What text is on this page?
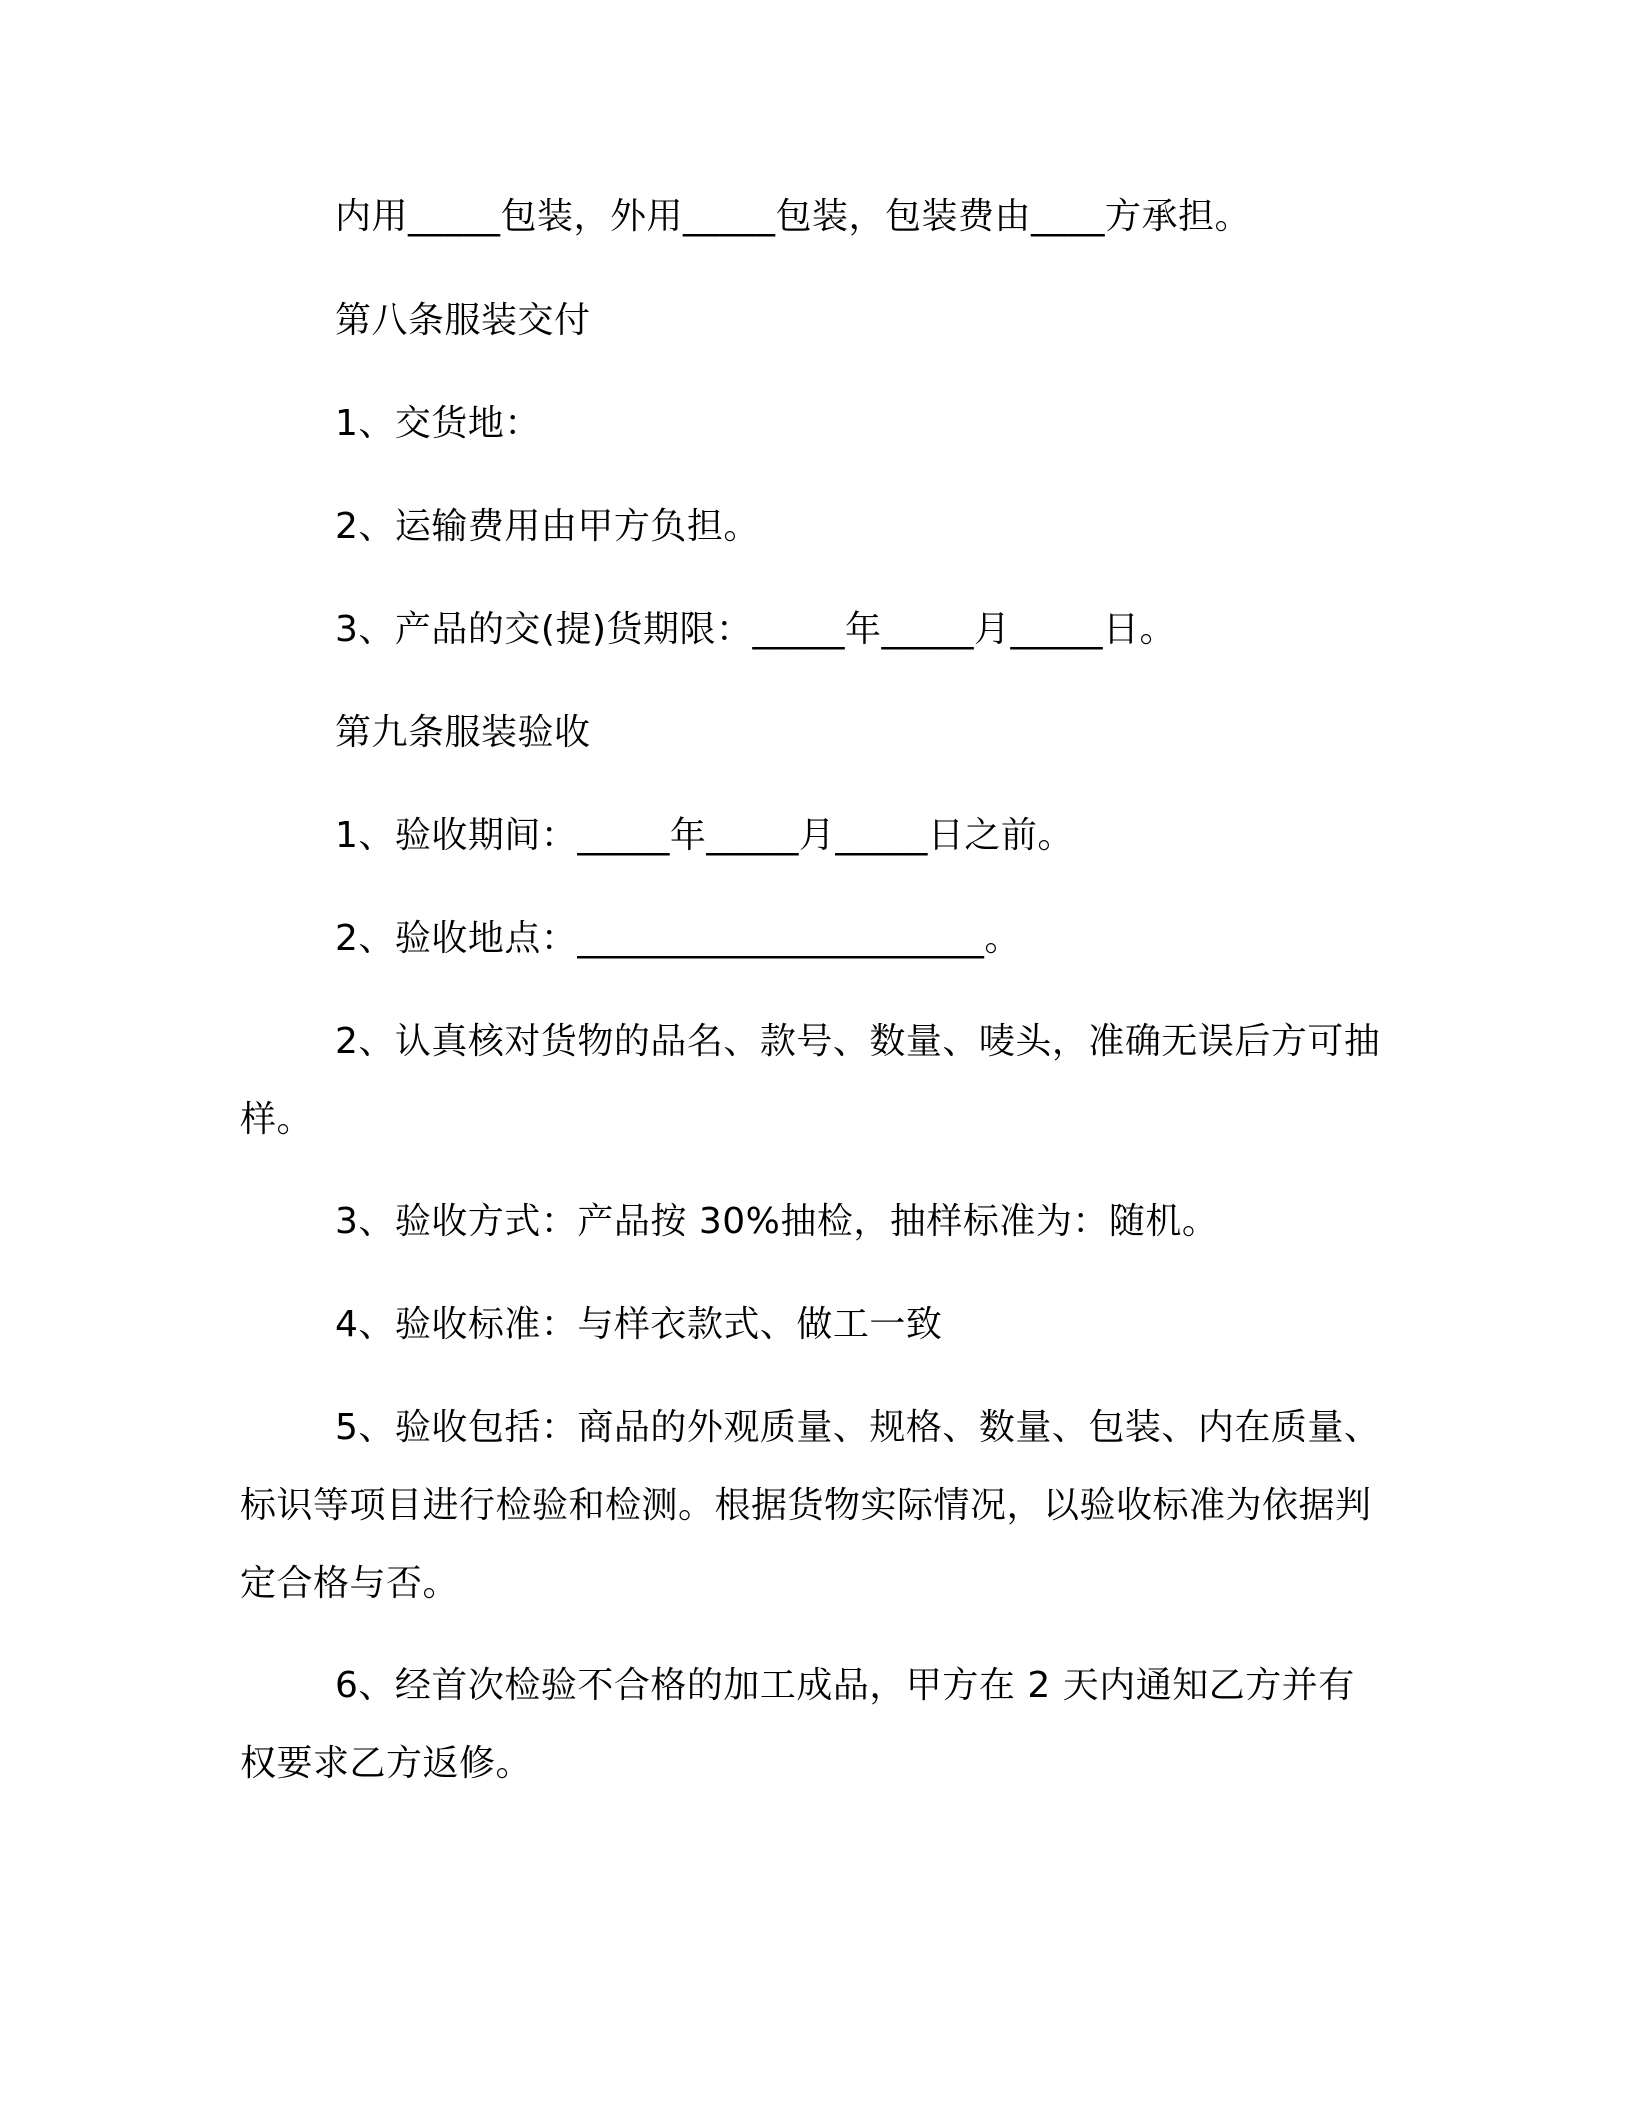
内用_____包装，外用_____包装，包装费由____方承担。

第八条服装交付

1、交货地：

2、运输费用由甲方负担。

3、产品的交(提)货期限：_____年_____月_____日。

第九条服装验收

1、验收期间：_____年_____月_____日之前。

2、验收地点：______________________。

2、认真核对货物的品名、款号、数量、唛头，准确无误后方可抽样。

3、验收方式：产品按 30%抽检，抽样标准为：随机。

4、验收标准：与样衣款式、做工一致

5、验收包括：商品的外观质量、规格、数量、包装、内在质量、标识等项目进行检验和检测。根据货物实际情况，以验收标准为依据判定合格与否。

6、经首次检验不合格的加工成品，甲方在 2 天内通知乙方并有权要求乙方返修。
